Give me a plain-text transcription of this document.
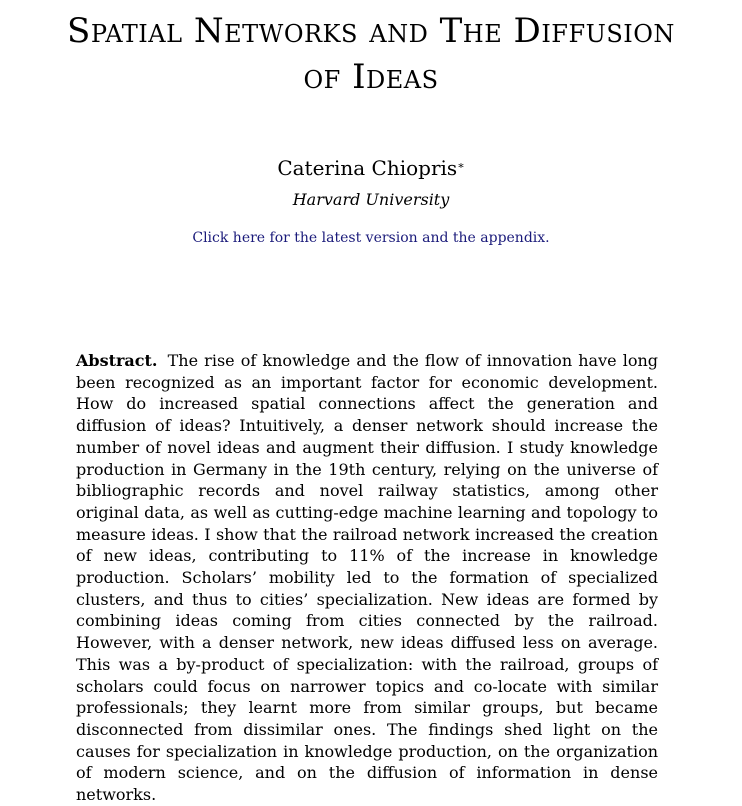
Spatial Networks and The Diffusion
of Ideas
Caterina Chiopris∗
Harvard University
Click here for the latest version and the appendix.

Abstract. The rise of knowledge and the flow of innovation have long been recognized as an important factor for economic development. How do increased spatial connections affect the generation and diffusion of ideas? Intuitively, a denser network should increase the number of novel ideas and augment their diffusion. I study knowledge production in Germany in the 19th century, relying on the universe of bibliographic records and novel railway statistics, among other original data, as well as cutting-edge machine learning and topology to measure ideas. I show that the railroad network increased the creation of new ideas, contributing to 11% of the increase in knowledge production. Scholars’ mobility led to the formation of specialized clusters, and thus to cities’ specialization. New ideas are formed by combining ideas coming from cities connected by the railroad. However, with a denser network, new ideas diffused less on average. This was a by-product of specialization: with the railroad, groups of scholars could focus on narrower topics and co-locate with similar professionals; they learnt more from similar groups, but became disconnected from dissimilar ones. The findings shed light on the causes for specialization in knowledge production, on the organization of modern science, and on the diffusion of information in dense networks.
